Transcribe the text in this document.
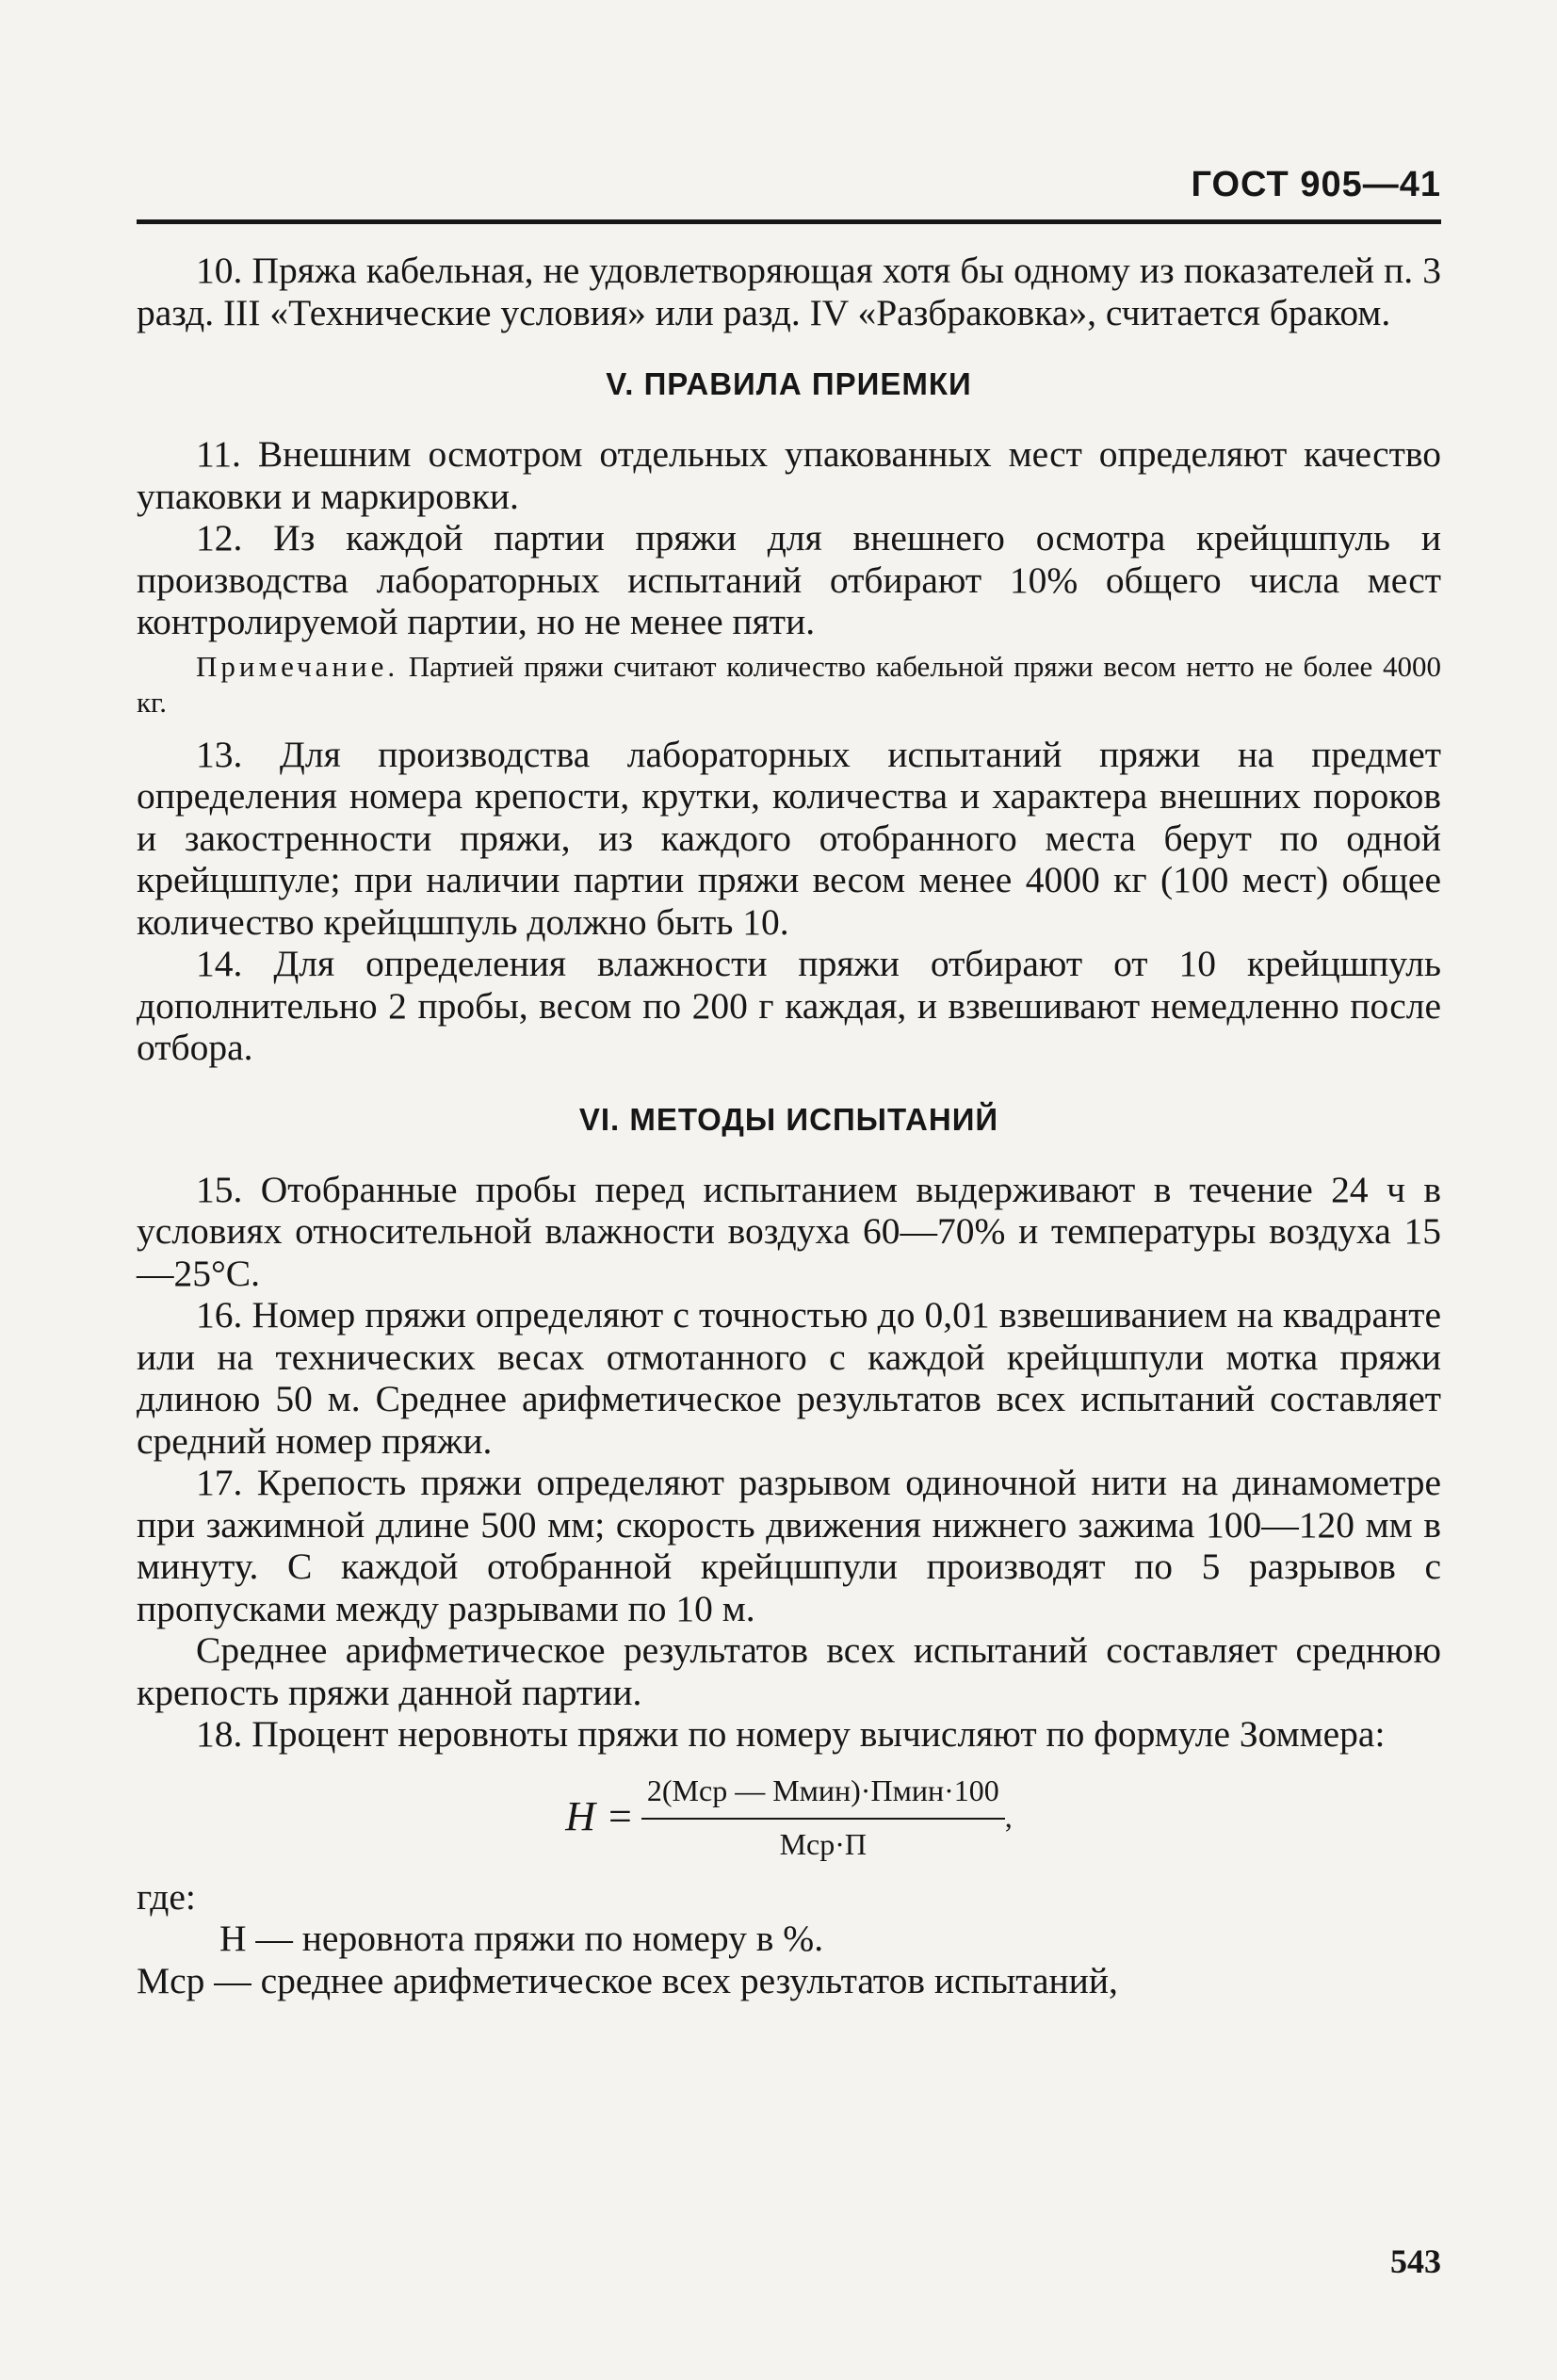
ГОСТ 905—41

10. Пряжа кабельная, не удовлетворяющая хотя бы одному из показателей п. 3 разд. III «Технические условия» или разд. IV «Разбраковка», считается браком.

V. ПРАВИЛА ПРИЕМКИ

11. Внешним осмотром отдельных упакованных мест определяют качество упаковки и маркировки.

12. Из каждой партии пряжи для внешнего осмотра крейцшпуль и производства лабораторных испытаний отбирают 10% общего числа мест контролируемой партии, но не менее пяти.

Примечание. Партией пряжи считают количество кабельной пряжи весом нетто не более 4000 кг.

13. Для производства лабораторных испытаний пряжи на предмет определения номера крепости, крутки, количества и характера внешних пороков и закостренности пряжи, из каждого отобранного места берут по одной крейцшпуле; при наличии партии пряжи весом менее 4000 кг (100 мест) общее количество крейцшпуль должно быть 10.

14. Для определения влажности пряжи отбирают от 10 крейцшпуль дополнительно 2 пробы, весом по 200 г каждая, и взвешивают немедленно после отбора.

VI. МЕТОДЫ ИСПЫТАНИЙ

15. Отобранные пробы перед испытанием выдерживают в течение 24 ч в условиях относительной влажности воздуха 60—70% и температуры воздуха 15—25°С.

16. Номер пряжи определяют с точностью до 0,01 взвешиванием на квадранте или на технических весах отмотанного с каждой крейцшпули мотка пряжи длиною 50 м. Среднее арифметическое результатов всех испытаний составляет средний номер пряжи.

17. Крепость пряжи определяют разрывом одиночной нити на динамометре при зажимной длине 500 мм; скорость движения нижнего зажима 100—120 мм в минуту. С каждой отобранной крейцшпули производят по 5 разрывов с пропусками между разрывами по 10 м.

Среднее арифметическое результатов всех испытаний составляет среднюю крепость пряжи данной партии.

18. Процент неровноты пряжи по номеру вычисляют по формуле Зоммера:

$Н = \frac{\text{2(Mср — Mмин)·Пмин·100}}{\text{Mср·П}}$ ,

где:

Н — неровнота пряжи по номеру в %.

Mср — среднее арифметическое всех результатов испытаний,

543
